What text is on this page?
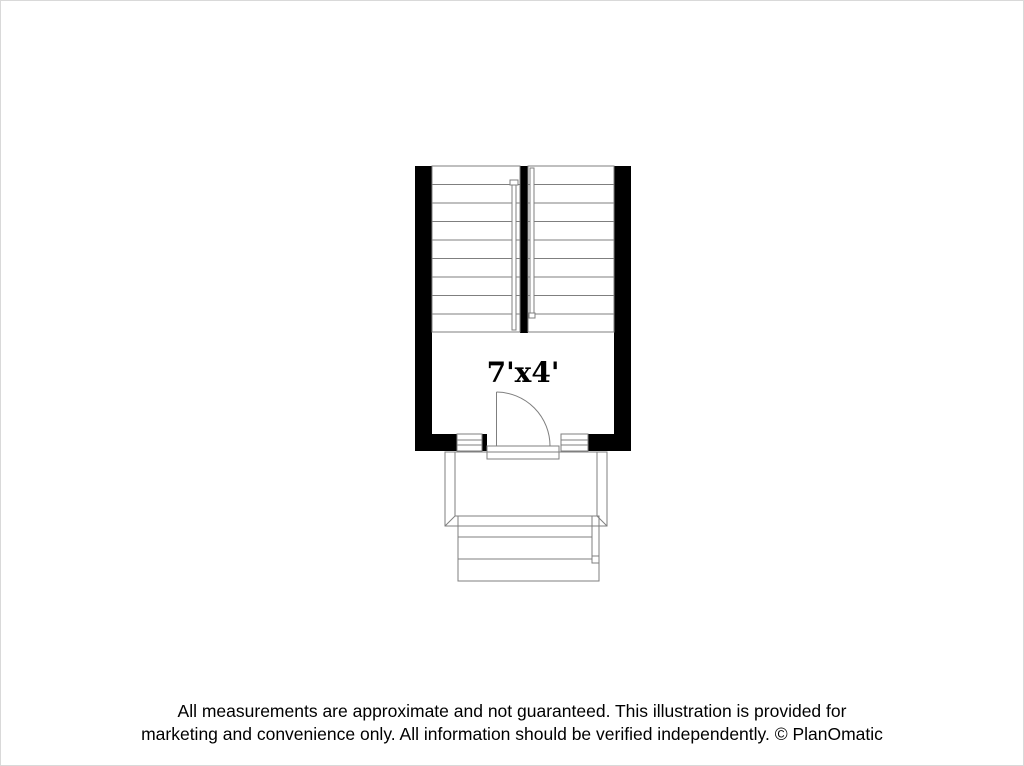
7'x4'
All measurements are approximate and not guaranteed. This illustration is provided for
marketing and convenience only. All information should be verified independently. © PlanOmatic
